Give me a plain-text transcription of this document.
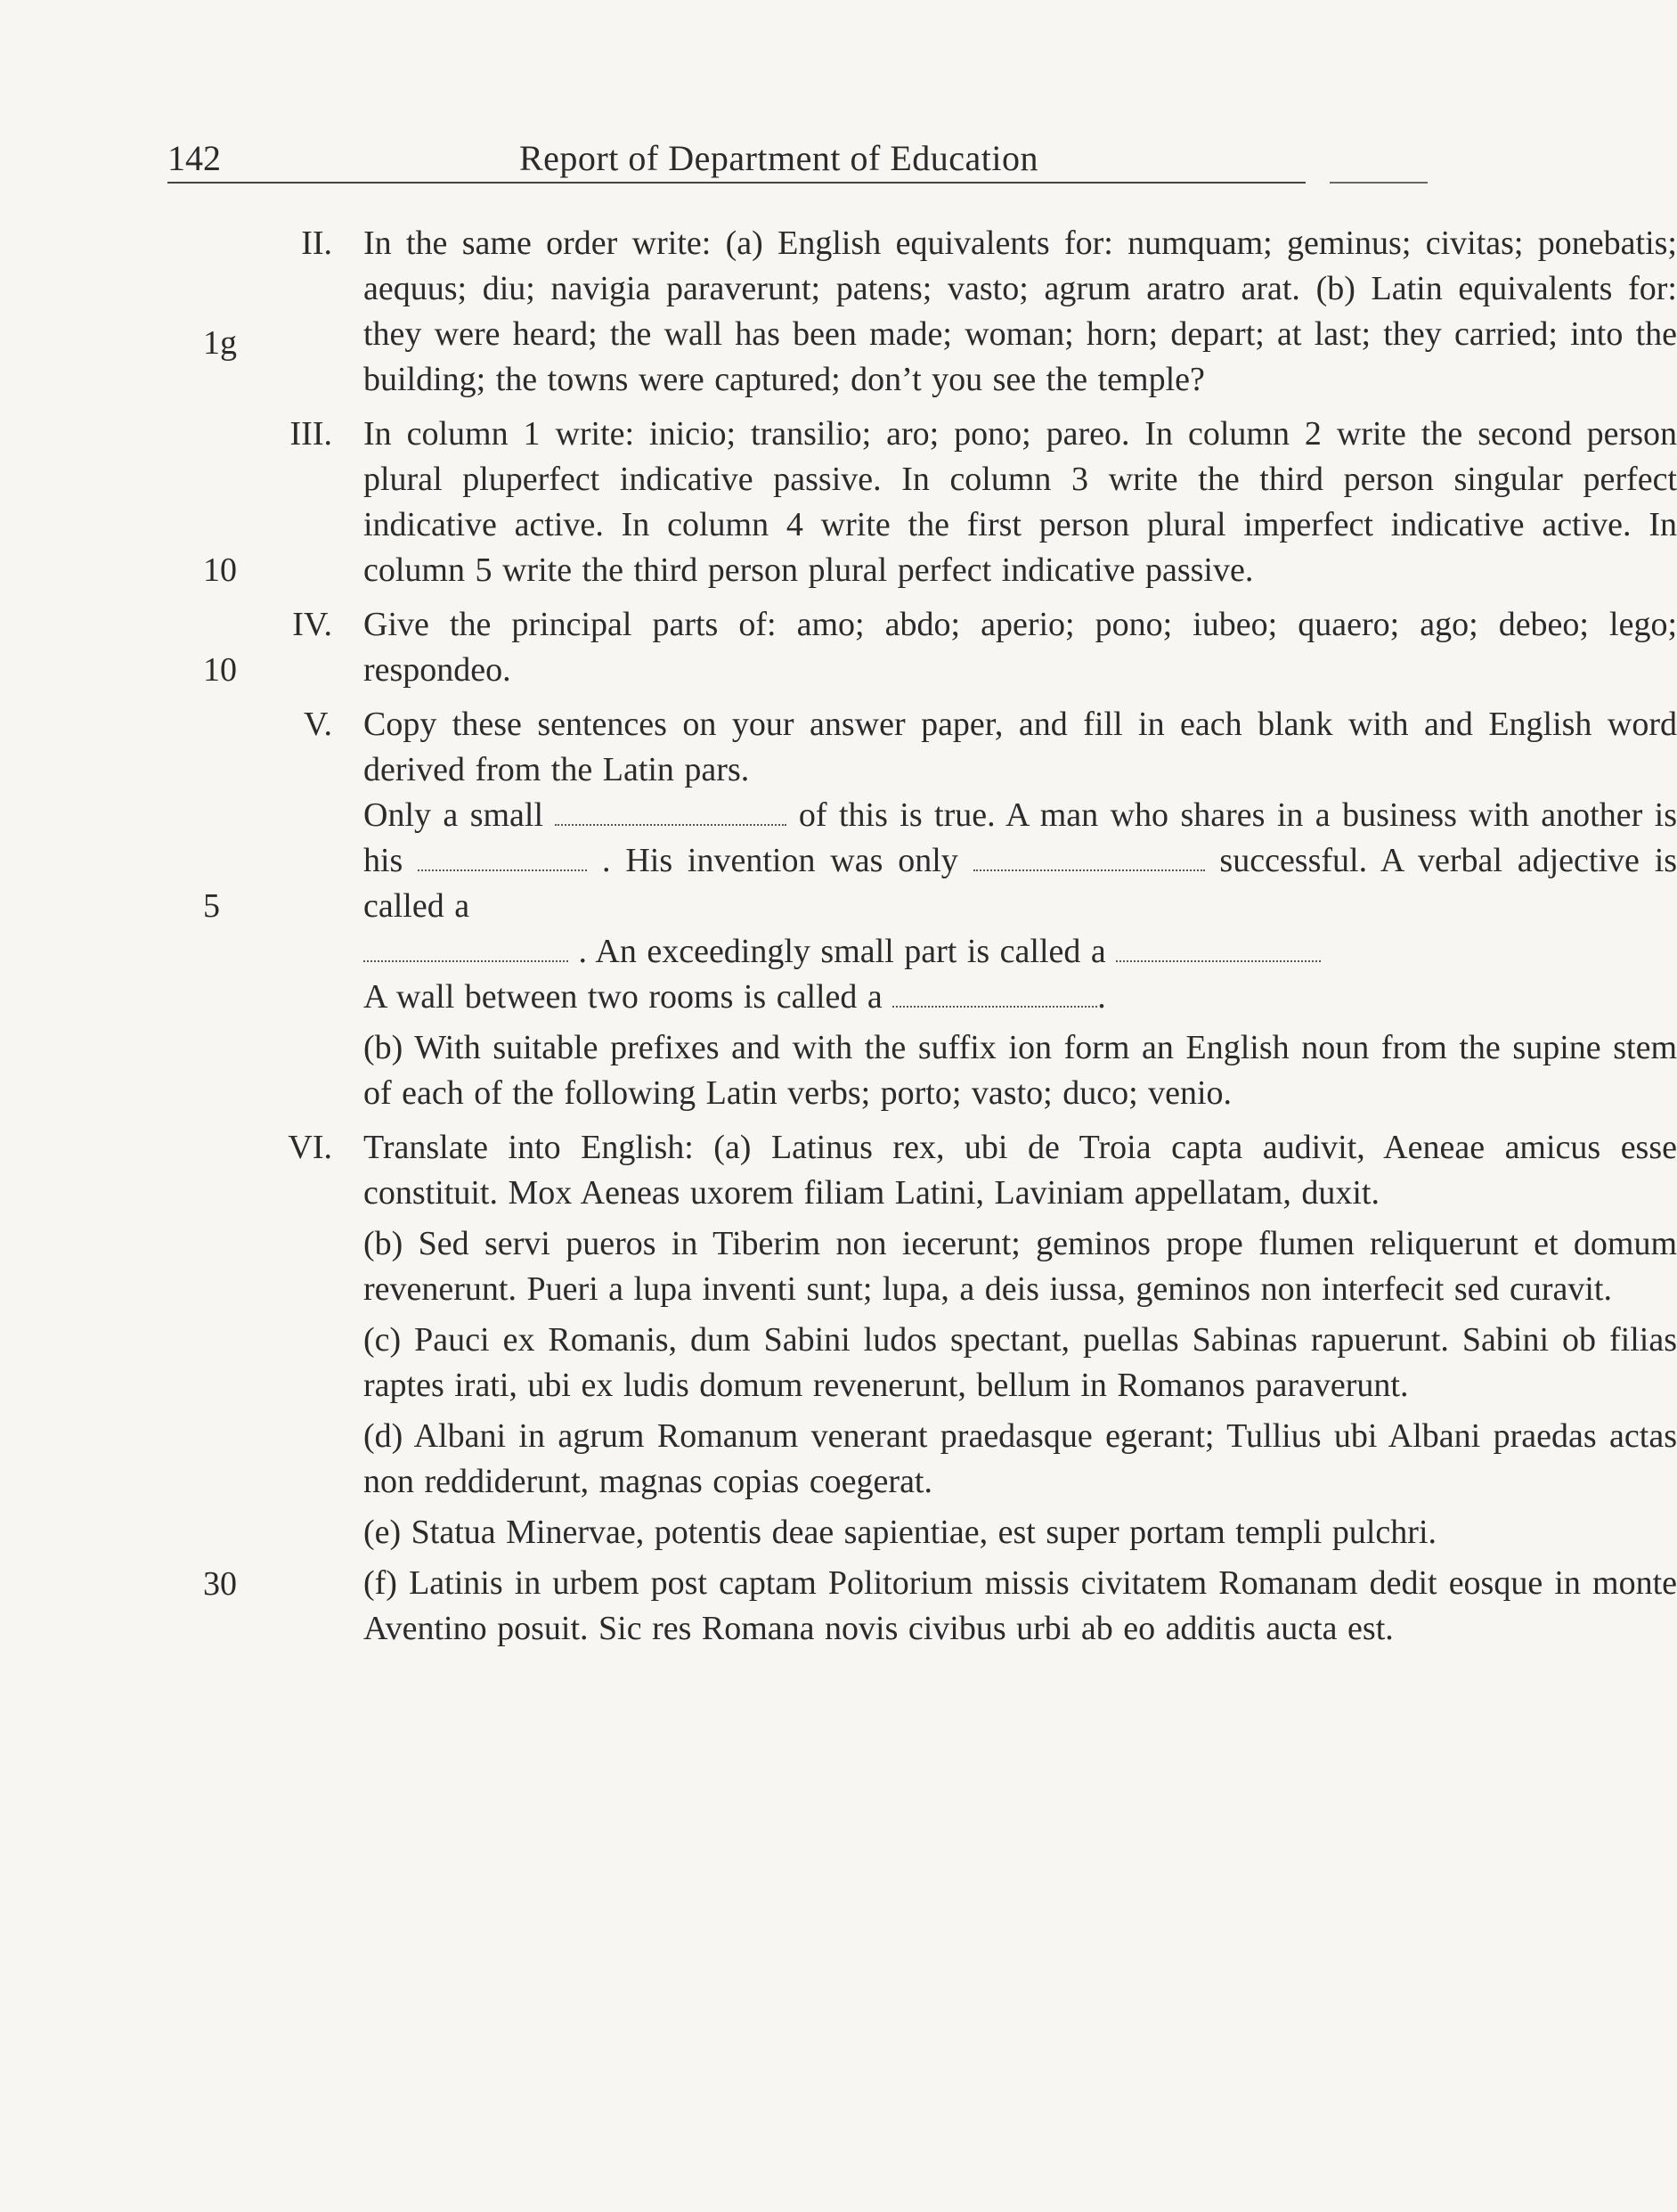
142	Report of Department of Education
II.
1g
In the same order write: (a) English equivalents for: numquam; geminus; civitas; ponebatis; aequus; diu; navigia paraverunt; patens; vasto; agrum aratro arat. (b) Latin equivalents for: they were heard; the wall has been made; woman; horn; depart; at last; they carried; into the building; the towns were captured; don’t you see the temple?
III.
10
In column 1 write: inicio; transilio; aro; pono; pareo. In column 2 write the second person plural pluperfect indicative passive. In column 3 write the third person singular perfect indicative active. In column 4 write the first person plural imperfect indicative active. In column 5 write the third person plural perfect indicative passive.
IV.
10
Give the principal parts of: amo; abdo; aperio; pono; iubeo; quaero; ago; debeo; lego; respondeo.
V.
5
Copy these sentences on your answer paper, and fill in each blank with and English word derived from the Latin pars.
Only a small	of this is true. A man who shares in a business with another is his	. His invention was only	successful. A verbal adjective is called a
. An exceedingly small part is called a
A wall between two rooms is called a	.
(b) With suitable prefixes and with the suffix ion form an English noun from the supine stem of each of the following Latin verbs; porto; vasto; duco; venio.
VI.
30
Translate into English: (a) Latinus rex, ubi de Troia capta audivit, Aeneae amicus esse constituit. Mox Aeneas uxorem filiam Latini, Laviniam appellatam, duxit.
(b) Sed servi pueros in Tiberim non iecerunt; geminos prope flumen reliquerunt et domum revenerunt. Pueri a lupa inventi sunt; lupa, a deis iussa, geminos non interfecit sed curavit.
(c) Pauci ex Romanis, dum Sabini ludos spectant, puellas Sabinas rapuerunt. Sabini ob filias raptes irati, ubi ex ludis domum revenerunt, bellum in Romanos paraverunt.
(d) Albani in agrum Romanum venerant praedasque egerant; Tullius ubi Albani praedas actas non reddiderunt, magnas copias coegerat.
(e) Statua Minervae, potentis deae sapientiae, est super portam templi pulchri.
(f) Latinis in urbem post captam Politorium missis civitatem Romanam dedit eosque in monte Aventino posuit. Sic res Romana novis civibus urbi ab eo additis aucta est.
